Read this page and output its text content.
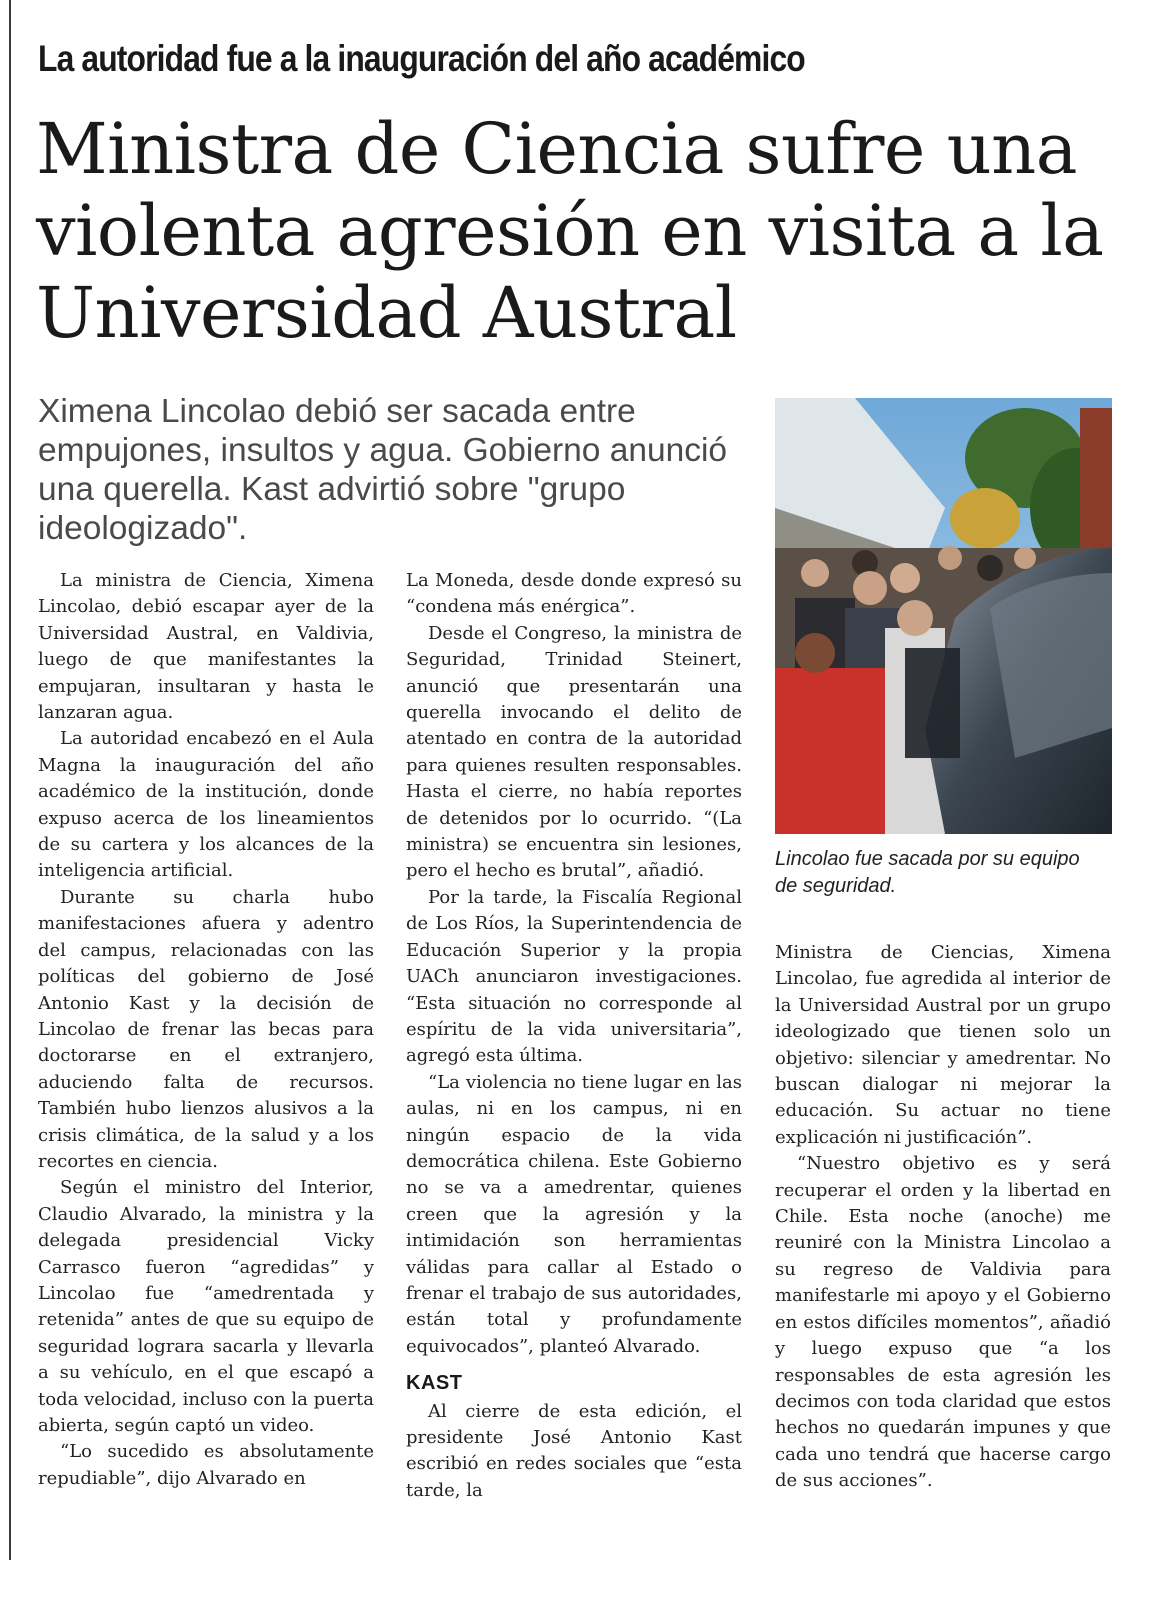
La autoridad fue a la inauguración del año académico
Ministra de Ciencia sufre una violenta agresión en visita a la Universidad Austral
Ximena Lincolao debió ser sacada entre empujones, insultos y agua. Gobierno anunció una querella. Kast advirtió sobre "grupo ideologizado".

La ministra de Ciencia, Ximena Lincolao, debió escapar ayer de la Universidad Austral, en Valdivia, luego de que manifestantes la empujaran, insultaran y hasta le lanzaran agua.

La autoridad encabezó en el Aula Magna la inauguración del año académico de la institución, donde expuso acerca de los lineamientos de su cartera y los alcances de la inteligencia artificial.

Durante su charla hubo manifestaciones afuera y adentro del campus, relacionadas con las políticas del gobierno de José Antonio Kast y la decisión de Lincolao de frenar las becas para doctorarse en el extranjero, aduciendo falta de recursos. También hubo lienzos alusivos a la crisis climática, de la salud y a los recortes en ciencia.

Según el ministro del Interior, Claudio Alvarado, la ministra y la delegada presidencial Vicky Carrasco fueron “agredidas” y Lincolao fue “amedrentada y retenida” antes de que su equipo de seguridad lograra sacarla y llevarla a su vehículo, en el que escapó a toda velocidad, incluso con la puerta abierta, según captó un video.

“Lo sucedido es absolutamente repudiable”, dijo Alvarado en

La Moneda, desde donde expresó su “condena más enérgica”.

Desde el Congreso, la ministra de Seguridad, Trinidad Steinert, anunció que presentarán una querella invocando el delito de atentado en contra de la autoridad para quienes resulten responsables. Hasta el cierre, no había reportes de detenidos por lo ocurrido. “(La ministra) se encuentra sin lesiones, pero el hecho es brutal”, añadió.

Por la tarde, la Fiscalía Regional de Los Ríos, la Superintendencia de Educación Superior y la propia UACh anunciaron investigaciones. “Esta situación no corresponde al espíritu de la vida universitaria”, agregó esta última.

“La violencia no tiene lugar en las aulas, ni en los campus, ni en ningún espacio de la vida democrática chilena. Este Gobierno no se va a amedrentar, quienes creen que la agresión y la intimidación son herramientas válidas para callar al Estado o frenar el trabajo de sus autoridades, están total y profundamente equivocados”, planteó Alvarado.

KAST

Al cierre de esta edición, el presidente José Antonio Kast escribió en redes sociales que “esta tarde, la

Lincolao fue sacada por su equipo de seguridad.

Ministra de Ciencias, Ximena Lincolao, fue agredida al interior de la Universidad Austral por un grupo ideologizado que tienen solo un objetivo: silenciar y amedrentar. No buscan dialogar ni mejorar la educación. Su actuar no tiene explicación ni justificación”.

“Nuestro objetivo es y será recuperar el orden y la libertad en Chile. Esta noche (anoche) me reuniré con la Ministra Lincolao a su regreso de Valdivia para manifestarle mi apoyo y el Gobierno en estos difíciles momentos”, añadió y luego expuso que “a los responsables de esta agresión les decimos con toda claridad que estos hechos no quedarán impunes y que cada uno tendrá que hacerse cargo de sus acciones”.
